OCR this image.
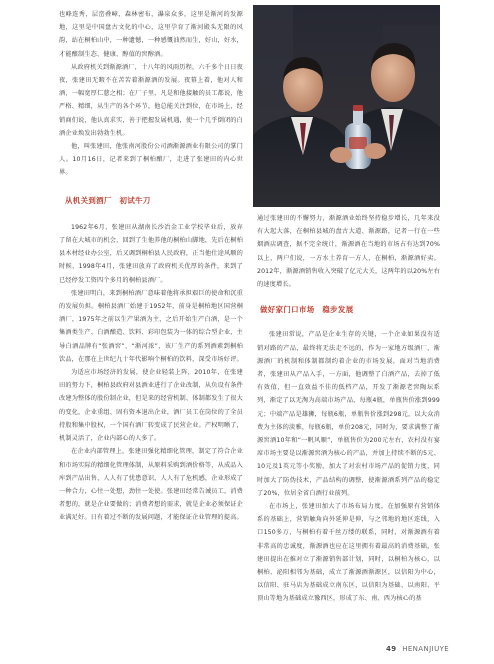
也峰连秀，层峦叠嶂，森林密布，瀑泉众多，这里是渐河的发源地，这里是中国盘古文化的中心，这里孕育了渐河殿头无限的风韵，站在桐柏山中，一种遗憾，一种感慨油然而生，好山，好水，才能酿制生态、健康、醇值的窖醇酒。

从政府机关到渐源酒厂，十八年的风雨历程，六千多个日日夜夜，张建田无暇不在苦苦着渐源酒的发展。夜幕上着，他对人和酒，一幅宽厚仁慈之相；在厂子里，凡是和他接触的员工都说，他严格、精细，从生产的各个环节，他总能关注到位，在市场上，经销商们说，他认真求实，善于把握发展机遇，使一个几乎倒闭的白酒企业焕发出勃勃生机。

他，叫张建田，他张南河股份公司酒渐源酒业有限公司的掌门人。10月16日，记者来到了桐柏酿厂，走进了张建田的内心世界。

从机关到酒厂　初试牛刀

1962年6月，张建田从湖南长沙冶金工业学校毕业后，放弃了留在大城市的机会，回到了生他养他的桐柏山脚地，先后在桐柏县木材经业办公室，后又调到桐柏县人民政府，正当他仕途风顺的时候，1998年4月，张建田放弃了政府机关优厚的条件，来到了已经停发工资四个多月的桐柏县酒厂。

张建田明白，来到桐柏酒厂意味着他将承担艰巨的使命和沉重的发展负担。桐柏县酒厂始建于1952年，前身是桐柏地区国营桐酒厂，1975年之前以生产果酒为主，之后开始生产白酒，是一个集酒类生产、白酒酿造、饮料、彩印包装为一体的综合型企业，主导白酒品牌有“张酒窖”、“渐河浓”，该厂生产的系列酒素到桐柏饮品，在那在上世纪九十年代影响个桐柏的饮料，深受市场好评。

为适应市场经济的发展，使企业轻装上阵，2010年，在张建田的努力下，桐柏县政府对县酒业进行了企业改制，从负设有条件改建为整体的股份制企业，但是来的经营机制、体制都发生了很大的变化，企业重组、固有资本退出企业，酒厂员工在岗位的了全员持股和集中股权，一个国有酒厂转变成了民营企业。产权明晰了，机制灵活了，企业内部心的人多了。

在企业内部管理上，张建田强化精细化管理，制定了符合企业和市场实际的精细化管理体制，从原料采购到酒价格等，从成品入库到产品出售，人人有了忧患意识，人人有了危机感，企业形成了一种合力，心往一处想，劲往一处使。张建田经常告诫员工，消费者想的，就是企业要做的；消费者想的需求，就是企业必须保证企业满足好。日有着过不断的发展问题，才能保证企业管理的提高。

通过张建田的不懈努力，渐源酒业始终坚持稳步增长，几年来没有大起大落，在桐柏县城的盘古大道、渐源路，记者一行在一些烟酒店调查，据不完全统计，渐源酒在当地的市场占有达到70%以上，两户们说，一方水土养育一方人，在桐柏，渐源酒好卖。2012年，渐源酒销售收入突破了亿元大关，这两年的以20%左右的速度增长。

做好家门口市场　稳步发展

张建田常说，产品是企业生存的关键，一个企业如果没有适销对路的产品，最终将无法走不远的，作为一家地方级酒厂，渐源酒厂的机制和体制都制约着企业的市场发展，面对当地消费者，张建田从产品入手，一方面，他调整了白酒产品，去掉了低有效值，但一直效益不佳的低档产品，开发了渐源老窖陶坛系列，渐定了以无淘为高端市场产品，每瓶4瓶，单瓶售价涨到999元；中端产品是雄狮，每瓶6瓶，单瓶售价涨到298元，以大众消费为主体的淡雅，每瓶6瓶，单价208元，同时为，要求满整了渐源窖酒10年和“一帆风顺”，单瓶售价为200元左右，农村没有宴席市场主要是以渐源窖酒为核心的产品，并加上持续不断的5元、10元及1英元等小奖励，加大了对农村市场产品的促销力度，同时加大了防伪技术，产品结构的调整，使渐源酒系列产品的稳定了20%，位居全省白酒行业前列。

在市场上，张建田加大了市场布局力度，在加强原有营销体系的基础上，营销触角向外延伸是伸，与之邻地的地区连线，入口150多万，与桐柏有着千丝万缕的联系，同时，对渐源酒有着非常高的忠诚度，渐源酒也应在这里拥有着最高的消费基础，张建田提出在推对立了渐源销售部计划，同时，以桐柏为核心，以桐柏、泌阳相邻为基础，成立了渐源酒渐源区，以信阳为中心，以信阳、驻马店为基础成立南东区，以信阳为基础、以南阳、平顶山等地为基础成立豫西区，形成了东、南、西为核心的基

49 HENANJIUYE
